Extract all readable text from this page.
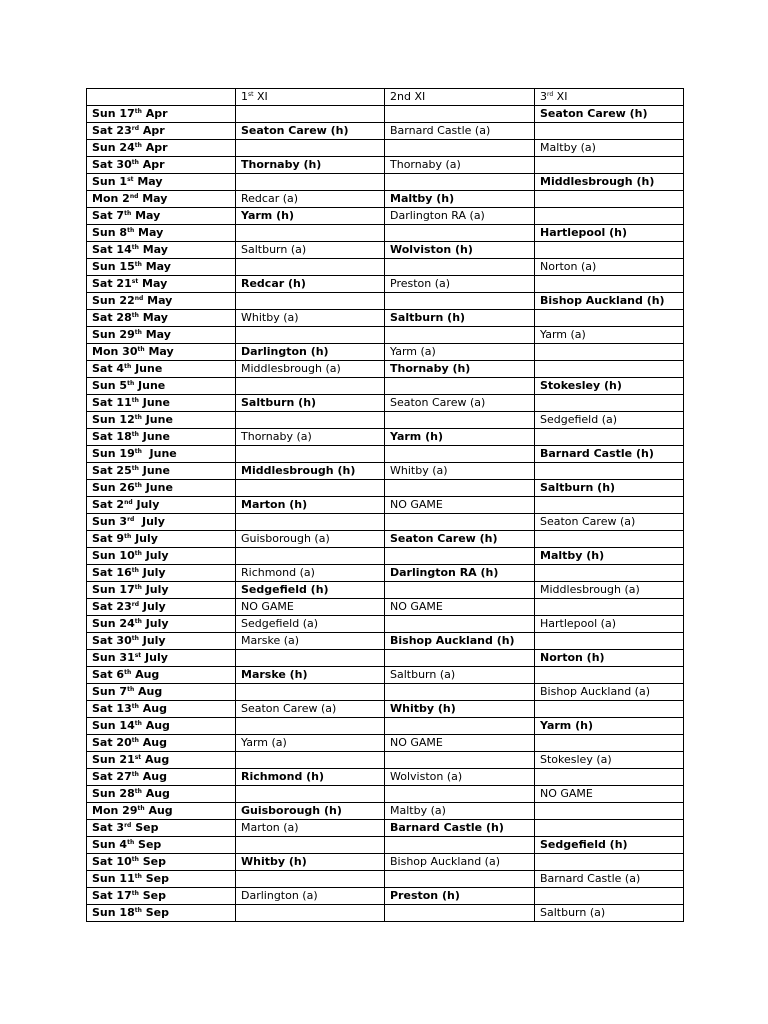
	1st XI	2nd XI	3rd XI
Sun 17th Apr			Seaton Carew (h)
Sat 23rd Apr	Seaton Carew (h)	Barnard Castle (a)	
Sun 24th Apr			Maltby (a)
Sat 30th Apr	Thornaby (h)	Thornaby (a)	
Sun 1st May			Middlesbrough (h)
Mon 2nd May	Redcar (a)	Maltby (h)	
Sat 7th May	Yarm (h)	Darlington RA (a)	
Sun 8th May			Hartlepool (h)
Sat 14th May	Saltburn (a)	Wolviston (h)	
Sun 15th May			Norton (a)
Sat 21st May	Redcar (h)	Preston (a)	
Sun 22nd May			Bishop Auckland (h)
Sat 28th May	Whitby (a)	Saltburn (h)	
Sun 29th May			Yarm (a)
Mon 30th May	Darlington (h)	Yarm (a)	
Sat 4th June	Middlesbrough (a)	Thornaby (h)	
Sun 5th June			Stokesley (h)
Sat 11th June	Saltburn (h)	Seaton Carew (a)	
Sun 12th June			Sedgefield (a)
Sat 18th June	Thornaby (a)	Yarm (h)	
Sun 19th  June			Barnard Castle (h)
Sat 25th June	Middlesbrough (h)	Whitby (a)	
Sun 26th June			Saltburn (h)
Sat 2nd July	Marton (h)	NO GAME	
Sun 3rd  July			Seaton Carew (a)
Sat 9th July	Guisborough (a)	Seaton Carew (h)	
Sun 10th July			Maltby (h)
Sat 16th July	Richmond (a)	Darlington RA (h)	
Sun 17th July	Sedgefield (h)		Middlesbrough (a)
Sat 23rd July	NO GAME	NO GAME	
Sun 24th July	Sedgefield (a)		Hartlepool (a)
Sat 30th July	Marske (a)	Bishop Auckland (h)	
Sun 31st July			Norton (h)
Sat 6th Aug	Marske (h)	Saltburn (a)	
Sun 7th Aug			Bishop Auckland (a)
Sat 13th Aug	Seaton Carew (a)	Whitby (h)	
Sun 14th Aug			Yarm (h)
Sat 20th Aug	Yarm (a)	NO GAME	
Sun 21st Aug			Stokesley (a)
Sat 27th Aug	Richmond (h)	Wolviston (a)	
Sun 28th Aug			NO GAME
Mon 29th Aug	Guisborough (h)	Maltby (a)	
Sat 3rd Sep	Marton (a)	Barnard Castle (h)	
Sun 4th Sep			Sedgefield (h)
Sat 10th Sep	Whitby (h)	Bishop Auckland (a)	
Sun 11th Sep			Barnard Castle (a)
Sat 17th Sep	Darlington (a)	Preston (h)	
Sun 18th Sep			Saltburn (a)
